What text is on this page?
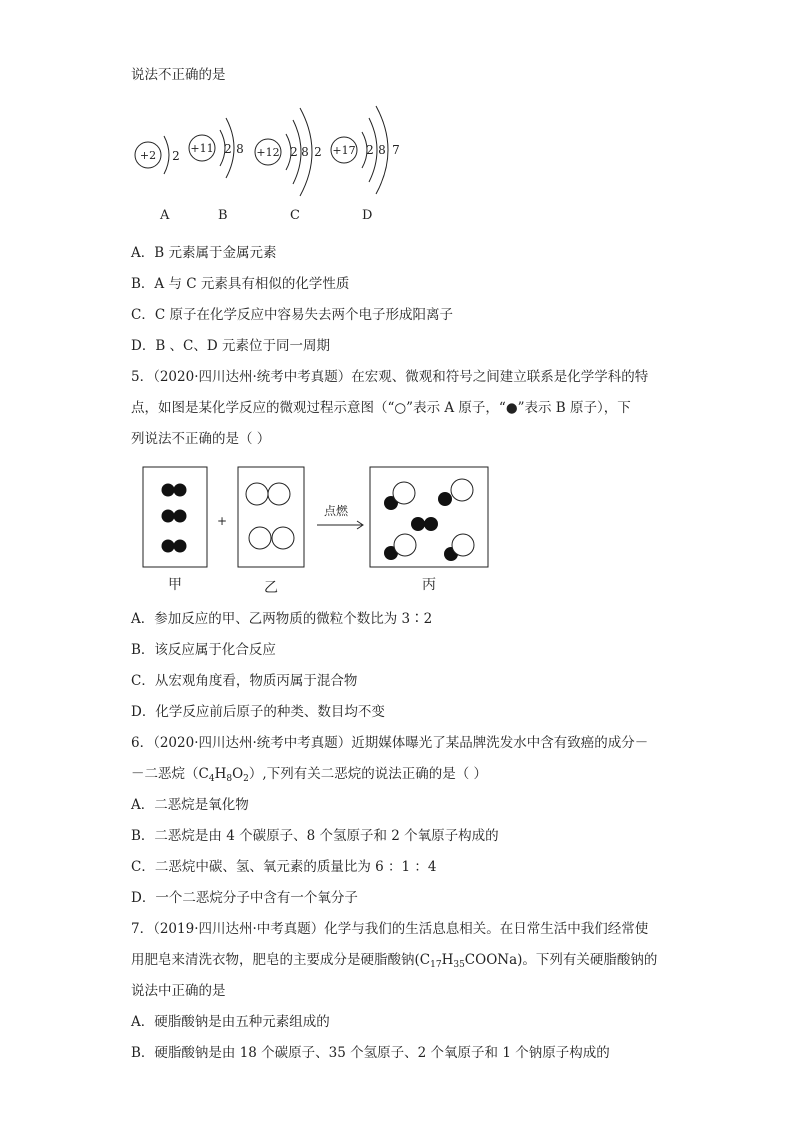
说法不正确的是
+2 2
+11 2 8 +12 2 8 2 +17 2 8 7
A	B	C	D
A．B 元素属于金属元素
B．A 与 C 元素具有相似的化学性质
C．C 原子在化学反应中容易失去两个电子形成阳离子
D．B 、C、D 元素位于同一周期
5．（2020·四川达州·统考中考真题）在宏观、微观和符号之间建立联系是化学学科的特
点，如图是某化学反应的微观过程示意图（“○”表示 A 原子，“●”表示 B 原子），下
列说法不正确的是（ ）
+
点燃
甲	乙	丙
A．参加反应的甲、乙两物质的微粒个数比为 3∶2
B．该反应属于化合反应
C．从宏观角度看，物质丙属于混合物
D．化学反应前后原子的种类、数目均不变
6．（2020·四川达州·统考中考真题）近期媒体曝光了某品牌洗发水中含有致癌的成分－
－二恶烷$(C_4H_8O_2)$,下列有关二恶烷的说法正确的是（ ）
A．二恶烷是氧化物
B．二恶烷是由 4 个碳原子、8 个氢原子和 2 个氧原子构成的
C．二恶烷中碳、氢、氧元素的质量比为 6 ：1 ：4
D．一个二恶烷分子中含有一个氧分子
7．（2019·四川达州·中考真题）化学与我们的生活息息相关。在日常生活中我们经常使
用肥皂来清洗衣物，肥皂的主要成分是硬脂酸钠$(C_{17}H_{35}COONa)$。下列有关硬脂酸钠的
说法中正确的是
A．硬脂酸钠是由五种元素组成的
B．硬脂酸钠是由 18 个碳原子、35 个氢原子、2 个氧原子和 1 个钠原子构成的
